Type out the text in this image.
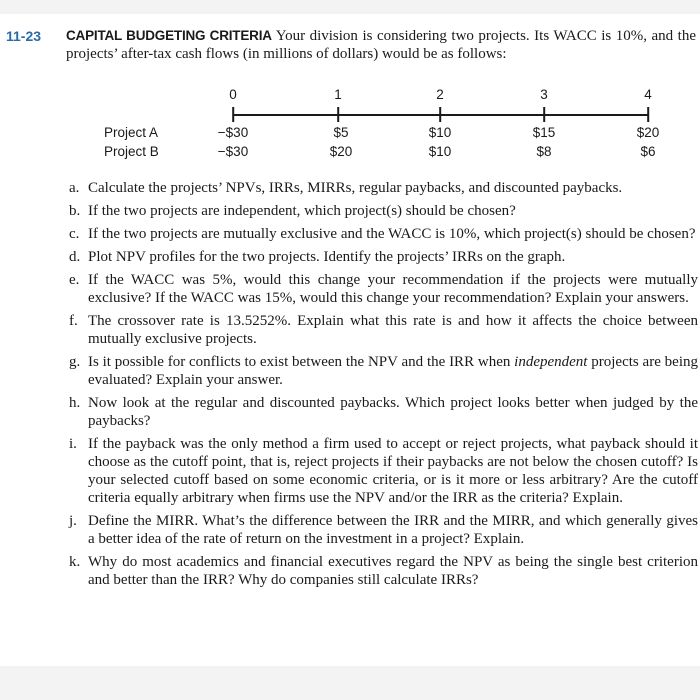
11-23 CAPITAL BUDGETING CRITERIA Your division is considering two projects. Its WACC is 10%, and the projects’ after-tax cash flows (in millions of dollars) would be as follows:
0	1	2	3	4
Project A	−$30	$5	$10	$15	$20
Project B	−$30	$20	$10	$8	$6
a. Calculate the projects’ NPVs, IRRs, MIRRs, regular paybacks, and discounted paybacks.
b. If the two projects are independent, which project(s) should be chosen?
c. If the two projects are mutually exclusive and the WACC is 10%, which project(s) should be chosen?
d. Plot NPV profiles for the two projects. Identify the projects’ IRRs on the graph.
e. If the WACC was 5%, would this change your recommendation if the projects were mutually exclusive? If the WACC was 15%, would this change your recommendation? Explain your answers.
f. The crossover rate is 13.5252%. Explain what this rate is and how it affects the choice between mutually exclusive projects.
g. Is it possible for conflicts to exist between the NPV and the IRR when independent projects are being evaluated? Explain your answer.
h. Now look at the regular and discounted paybacks. Which project looks better when judged by the paybacks?
i. If the payback was the only method a firm used to accept or reject projects, what payback should it choose as the cutoff point, that is, reject projects if their paybacks are not below the chosen cutoff? Is your selected cutoff based on some economic criteria, or is it more or less arbitrary? Are the cutoff criteria equally arbitrary when firms use the NPV and/or the IRR as the criteria? Explain.
j. Define the MIRR. What’s the difference between the IRR and the MIRR, and which generally gives a better idea of the rate of return on the investment in a project? Explain.
k. Why do most academics and financial executives regard the NPV as being the single best criterion and better than the IRR? Why do companies still calculate IRRs?
